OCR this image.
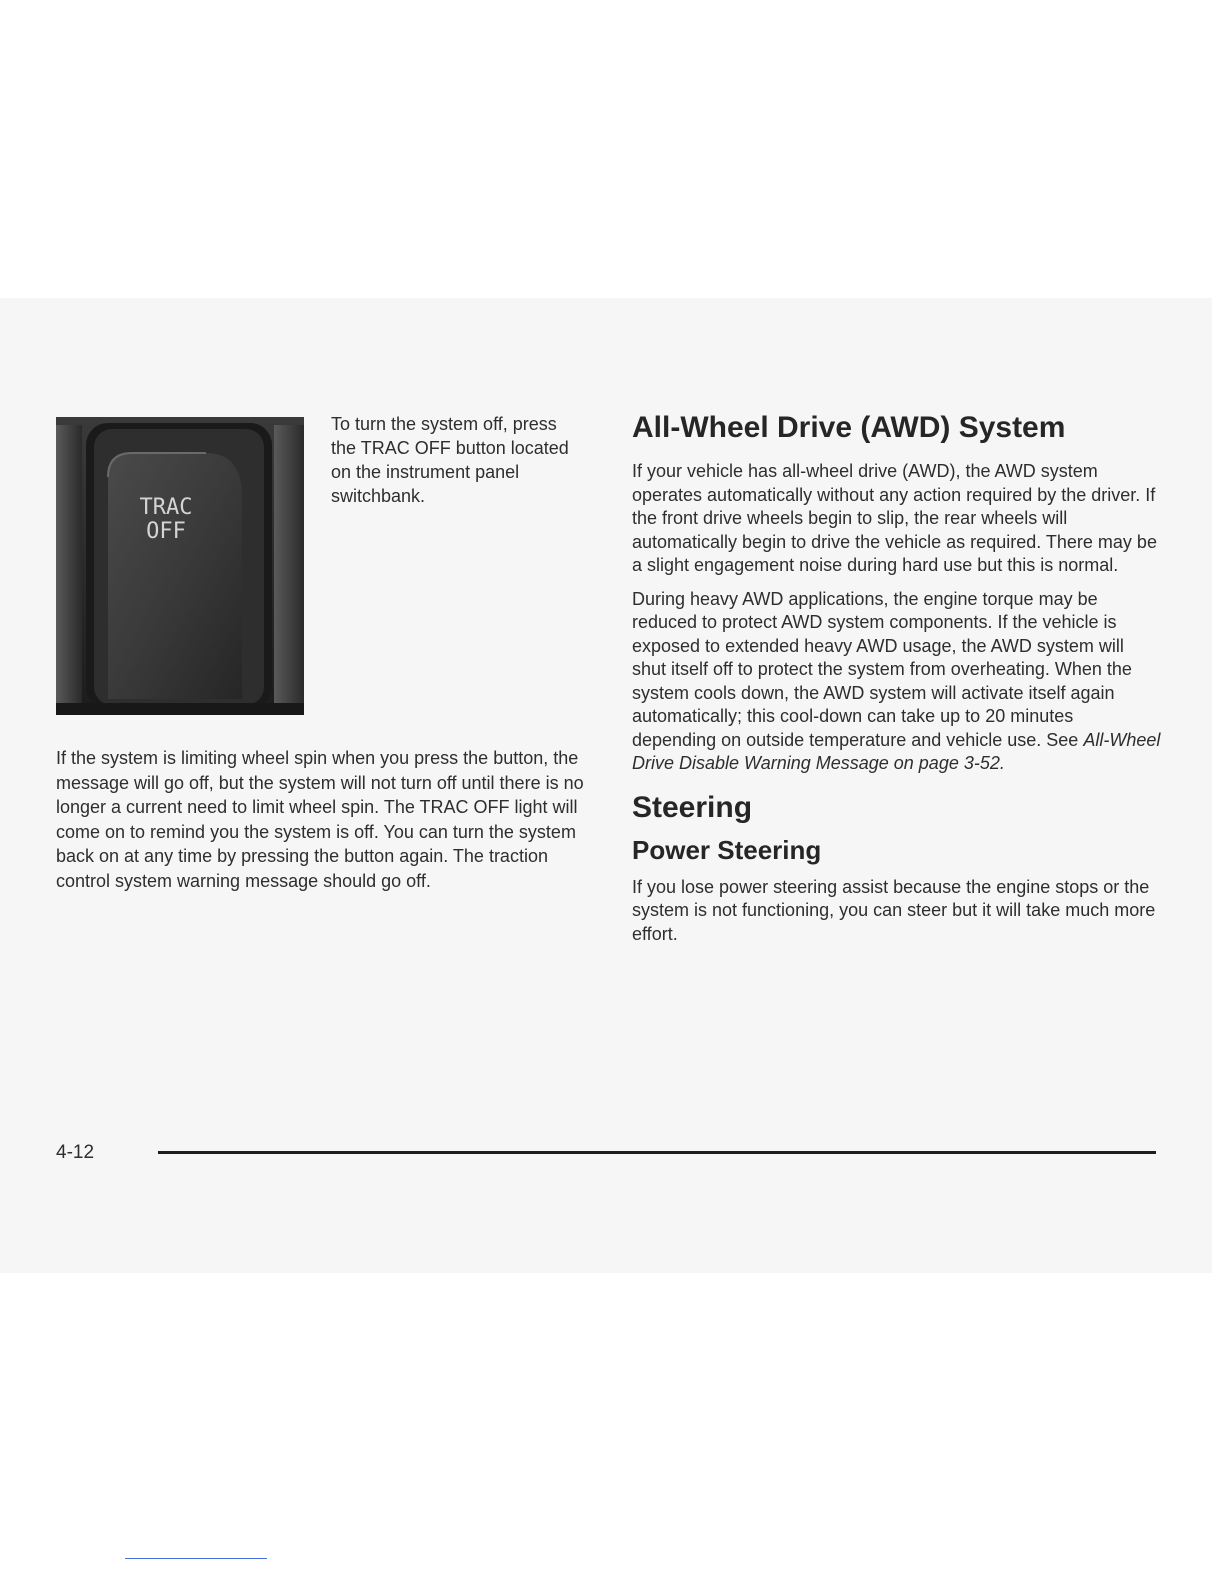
TRAC
OFF

To turn the system off, press the TRAC OFF button located on the instrument panel switchbank.

If the system is limiting wheel spin when you press the button, the message will go off, but the system will not turn off until there is no longer a current need to limit wheel spin. The TRAC OFF light will come on to remind you the system is off. You can turn the system back on at any time by pressing the button again. The traction control system warning message should go off.

All-Wheel Drive (AWD) System

If your vehicle has all-wheel drive (AWD), the AWD system operates automatically without any action required by the driver. If the front drive wheels begin to slip, the rear wheels will automatically begin to drive the vehicle as required. There may be a slight engagement noise during hard use but this is normal.

During heavy AWD applications, the engine torque may be reduced to protect AWD system components. If the vehicle is exposed to extended heavy AWD usage, the AWD system will shut itself off to protect the system from overheating. When the system cools down, the AWD system will activate itself again automatically; this cool-down can take up to 20 minutes depending on outside temperature and vehicle use. See All-Wheel Drive Disable Warning Message on page 3-52.

Steering
Power Steering

If you lose power steering assist because the engine stops or the system is not functioning, you can steer but it will take much more effort.

4-12
